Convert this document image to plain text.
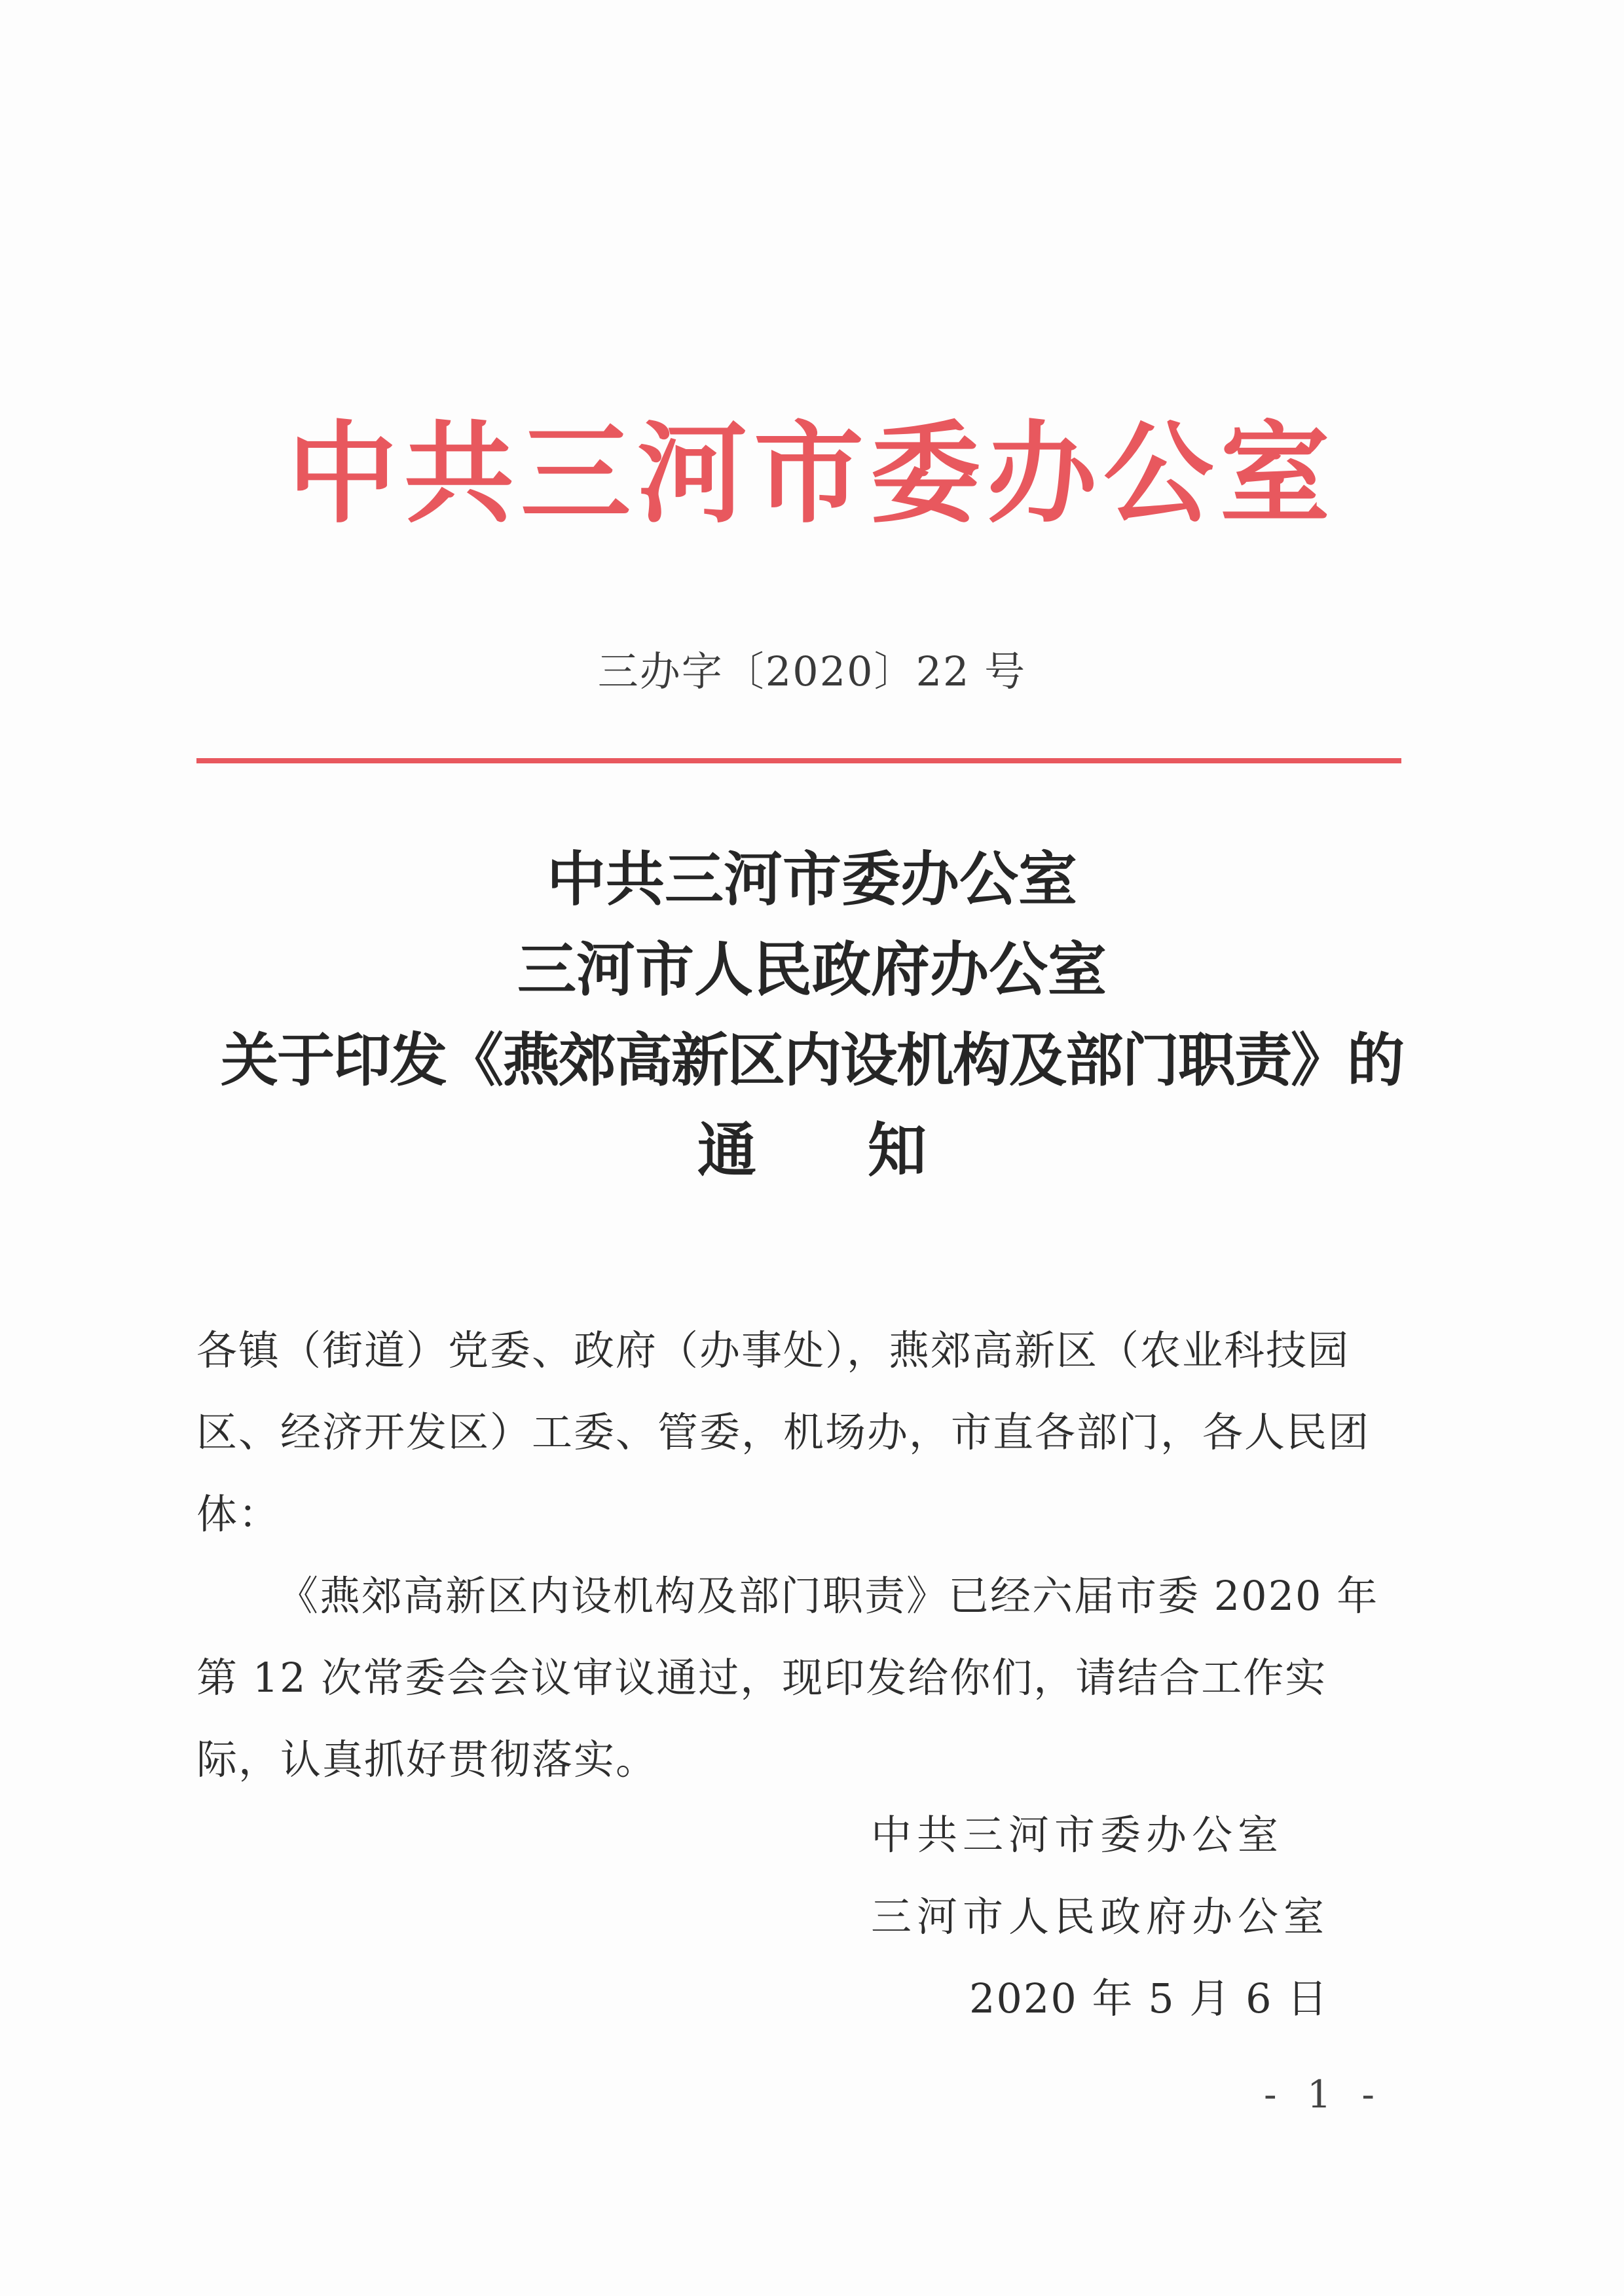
中共三河市委办公室
三办字〔2020〕22 号
中共三河市委办公室
三河市人民政府办公室
关于印发《燕郊高新区内设机构及部门职责》的
通知

各镇（街道）党委、政府（办事处），燕郊高新区（农业科技园区、经济开发区）工委、管委，机场办，市直各部门，各人民团体：

《燕郊高新区内设机构及部门职责》已经六届市委 2020 年第 12 次常委会会议审议通过，现印发给你们，请结合工作实际，认真抓好贯彻落实。

中共三河市委办公室
三河市人民政府办公室
2020 年 5 月 6 日
- 1 -
